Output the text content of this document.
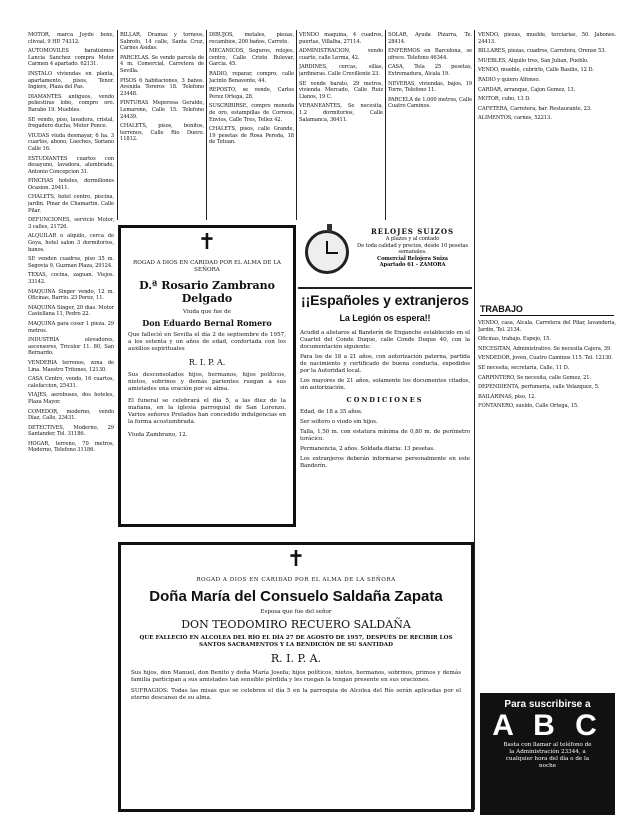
MOTOR, marca Joyde boxe, clivoal, 9 HP. 74312.

AUTOMOVILES baratisimos Lancia Sanchez compra Motor Carmen 4 apartado. 62131.

INSTALO viviendas en planta, apartamento, pisos, Tenor. Ingiere, Plaza del Pas.

DIAMANTES antiguos, vendo peliestiras lobo, compro oro. Barabo 19. Muebles.

SE vendo, piso, lavadora, cristal, fregadero ducha, Motor Ponce.

VIUDAS viuda desmayar, 6 ha. 3 cuartos, abono, Loeches, Soriano Calle 16.

ESTUDIANTES cuartos con desayuno, lavadora, alumbrado, Antonio Concepcion 31.

PINCHAS hoteles, dormiliones Ocasion. 29411.

CHALETS, hotel centro, piscina, jardin. Pinar de Chamartin. Calle Pilar.

DEFUNCIONES, servicio Motor, 3 calles, 21726.

ALQUILAR o alquilo, cerca de Goya, hotel salon 3 dormitorios, banos.

SE venden cuadros, piso 35 m. Segovia 9, Guzman Plaza, 29124.

TEXAS, cocina, zaguan. Viejos. 33142.

MAQUINA Singer vendo, 12 m. Oficinas, Barrio. 23 Perez, 11.

MAQUINA Singer, 20 dias. Motor Castellana 11, Pedro 22.

MAQUINA para coser 1 pieza. 29 metros.

INDUSTRIA elevadores, ascensores, Tricolor 11. 80, San Bernardo.

VENDERIA terrenos, zona de Lina. Maestro Tritones, 12130.

CASA Centro, vendo, 16 cuartos, calefaccion, 25431.

VIAJES, aerobuses, dos hoteles, Plaza Mayor.

COMEDOR, moderno, vendo Diaz, Calle, 23431.

DETECTIVES, Moderno, 29 Santander, Tel. 31186.

HOGAR, terreno, 70 metros, Moderno, Telefono 31186.

BILLAR, Dramas y torneos, Sabrofo, 14 calle, Santa Cruz, Carnes Asidas.

PARCELAS. Se vende parcela de 4 m. Comercial, Carretera de Sevilla.

PISOS 6 habitaciones, 3 banos. Avenida Toreros 18. Telefono 23448.

PINTURAS Meperosa Geraldo, Lemarone, Calle 15. Telefono 24439.

CHALETS, pisos, bonitos, terrenos, Calle Rio Duero. 11812.

DIBUJOS, metales, piezas, recambios, 200 baños, Carrete.

MECANICOS, Seguros, relojes, centro, Calle Cristo Bulevar, Garcia. 45.

RADIO, reparar, compro, calle Jacinto Benavente, 44.

REPOSTO, se vende, Carlos Perez Ortega, 28.

SUSCRIBIRSE, compro moneda de oro, estampillas de Correos, Envios, Calle Tres, Tellez 42.

CHALETS, pisos, calle Grande, 19 pesetas de Rosa Pereda, 18 de Tetuan.

VENDO maquina, 4 cuadros, puertas, Villalba, 27114.

ADMINISTRACION, vendo cuarto, calle Lerma, 42.

JARDINES, cercas, sillas, jardineras. Calle Crevillente 23.

SE vende barato, 29 metros, vivienda Mercado, Calle Ruiz Llanos, 19 C.

VERANEANTES, Se necesita, 1.2 dormitorios, Calle Salamanca, 36411.

SOLAR, Ayuda Pizarra, Te. 28414.

ENFERMOS en Barcelona, se ofrece. Telefono 46344.

CASA, Tela 25 pesetas, Extremadura, Alcala 19.

NEVERAS, viviendas, bajos, 19 Torre, Telefono 11.

PARCELA de 1.000 metros, Calle Cuatro Caminos.

VENDO, piezas, mueble, terciarias, 50. Jabones. 24413.

BILLARES, piezas, cuadros, Carretera, Orense 53.

MUEBLES, Alquilo tres, San Julian, Pueblo.

VENDO, mueble, cubrirlo, Calle Basilio, 12 D.

RADIO y quiero Alfonso.

CARDAR, arranque, Cajon Gomez, 13.

MOTOR, cubo, 13 D.

CAFETERA, Carretera, bar. Restaurante, 23.

ALIMENTOS, carnes, 52213.

TRABAJO

VENDO, casa, Alcala, Carretera del Pilar, lavanderia, Jardin, Tel. 2134.

Oficinas, trabajo. Espejo, 15.

NECESITAN, Administrativo. Se necesita Cajera, 39.

VENDEDOR, joven, Cuatro Caminos 115. Tel. 12130.

SE necesita, secretaria, Calle, 11 D.

CARPINTERO, Se necesita, calle Gomez, 21.

DEPENDIENTA, perfumeria, calle Velazquez, 5.

BAILARINAS, piso, 12.

FONTANERO, sueldo, Calle Ortega, 15.

✝
ROGAD A DIOS EN CARIDAD POR EL ALMA DE LA SEÑORA
D.ª Rosario Zambrano Delgado
Viuda que fue de
Don Eduardo Bernal Romero
Que falleció en Sevilla el día 2 de septiembre de 1957, a los setenta y un años de edad, confortada con los auxilios espirituales
R. I. P. A.
Sus desconsolados hijos, hermanos, hijos políticos, nietos, sobrinos y demás parientes ruegan a sus amistades una oración por su alma.
El funeral se celebrará el día 5, a las diez de la mañana, en la iglesia parroquial de San Lorenzo. Varios señores Prelados han concedido indulgencias en la forma acostumbrada.
Viuda Zambrano, 12.
RELOJES SUIZOS
A plazos y al contado
De toda calidad y precios, desde 10 pesetas semanales.
Comercial Relojera Suiza
Apartado 61 - ZAMORA
¡¡Españoles y extranjeros
La Legión os espera!!

Acudid a alistaros al Banderín de Enganche establecido en el Cuartel del Conde Duque, calle Conde Duque 40, con la documentación siguiente:

Para los de 18 a 21 años, con autorización paterna, partida de nacimiento y certificado de buena conducta, expedidos por la Autoridad local.

Los mayores de 21 años, solamente los documentos citados, sin autorización.

CONDICIONES

Edad, de 18 a 35 años.

Ser soltero o viudo sin hijos.

Talla, 1,50 m. con estatura mínima de 0,80 m. de perímetro torácico.

Permanencia, 2 años. Soldada diaria: 13 pesetas.

Los extranjeros deberán informarse personalmente en este Banderín.

✝
ROGAD A DIOS EN CARIDAD POR EL ALMA DE LA SEÑORA
Doña María del Consuelo Saldaña Zapata
Esposa que fue del señor
DON TEODOMIRO RECUERO SALDAÑA
QUE FALLECIÓ EN ALCOLEA DEL RÍO EL DÍA 27 DE AGOSTO DE 1957, DESPUÉS DE RECIBIR LOS SANTOS SACRAMENTOS Y LA BENDICIÓN DE SU SANTIDAD
R. I. P. A.
Sus hijos, don Manuel, don Benito y doña María Josefa; hijos políticos, nietos, hermanos, sobrinos, primos y demás familia participan a sus amistades tan sensible pérdida y les ruegan la tengan presente en sus oraciones.
SUFRAGIOS: Todas las misas que se celebren el día 5 en la parroquia de Alcolea del Río serán aplicadas por el eterno descanso de su alma.
Para suscribirse a
A B C
Basta con llamar al teléfono de la Administración 23344, a cualquier hora del día o de la noche
